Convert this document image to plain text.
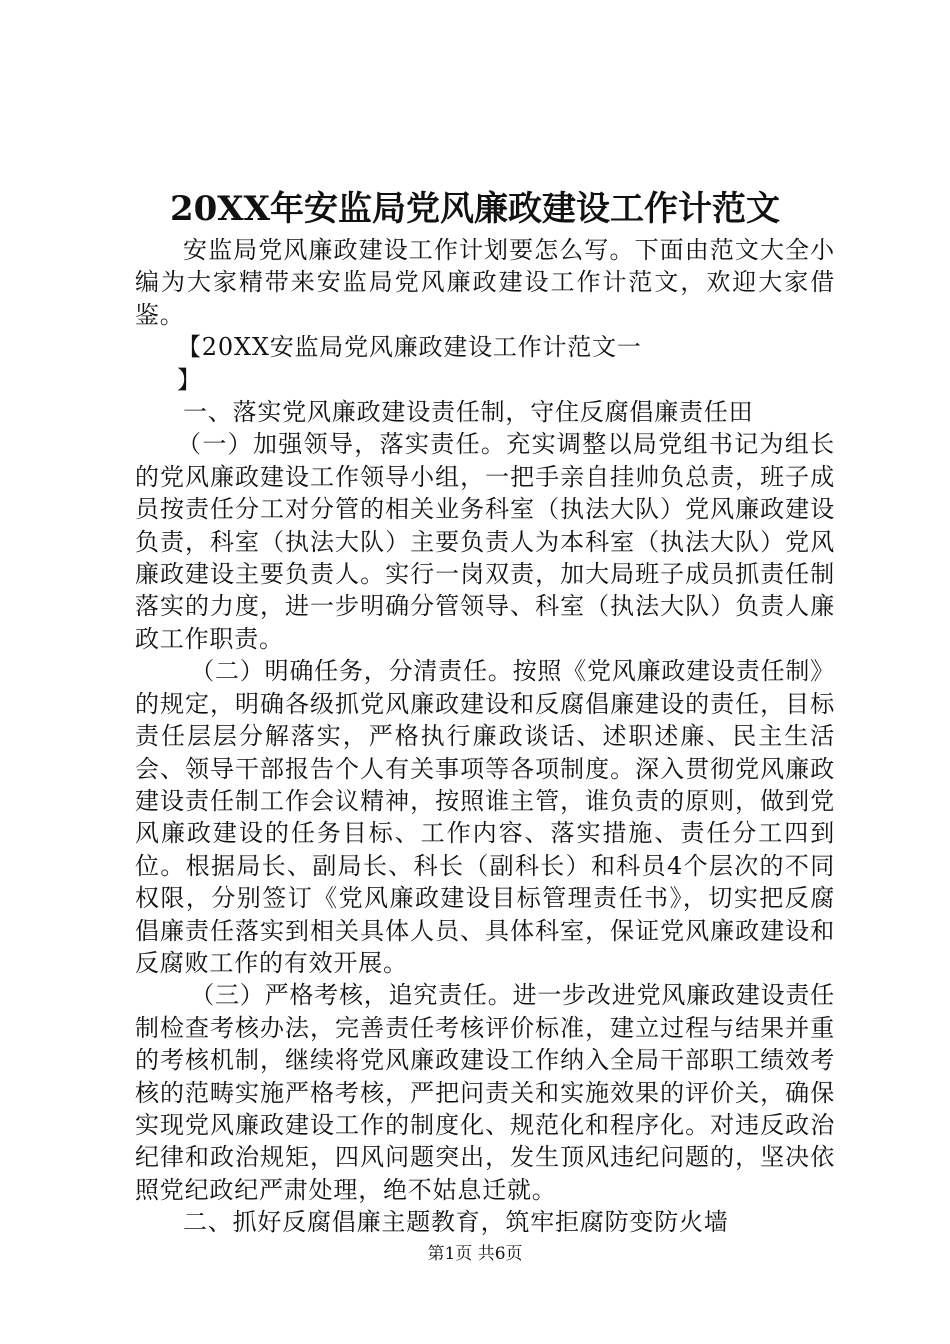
20XX年安监局党风廉政建设工作计范文

安监局党风廉政建设工作计划要怎么写。下面由范文大全小编为大家精带来安监局党风廉政建设工作计范文，欢迎大家借鉴。

【20XX安监局党风廉政建设工作计范文一

】

一、落实党风廉政建设责任制，守住反腐倡廉责任田

（一）加强领导，落实责任。充实调整以局党组书记为组长的党风廉政建设工作领导小组，一把手亲自挂帅负总责，班子成员按责任分工对分管的相关业务科室（执法大队）党风廉政建设负责，科室（执法大队）主要负责人为本科室（执法大队）党风廉政建设主要负责人。实行一岗双责，加大局班子成员抓责任制落实的力度，进一步明确分管领导、科室（执法大队）负责人廉政工作职责。

（二）明确任务，分清责任。按照《党风廉政建设责任制》的规定，明确各级抓党风廉政建设和反腐倡廉建设的责任，目标责任层层分解落实，严格执行廉政谈话、述职述廉、民主生活会、领导干部报告个人有关事项等各项制度。深入贯彻党风廉政建设责任制工作会议精神，按照谁主管，谁负责的原则，做到党风廉政建设的任务目标、工作内容、落实措施、责任分工四到位。根据局长、副局长、科长（副科长）和科员4个层次的不同权限，分别签订《党风廉政建设目标管理责任书》，切实把反腐倡廉责任落实到相关具体人员、具体科室，保证党风廉政建设和反腐败工作的有效开展。

（三）严格考核，追究责任。进一步改进党风廉政建设责任制检查考核办法，完善责任考核评价标准，建立过程与结果并重的考核机制，继续将党风廉政建设工作纳入全局干部职工绩效考核的范畴实施严格考核，严把问责关和实施效果的评价关，确保实现党风廉政建设工作的制度化、规范化和程序化。对违反政治纪律和政治规矩，四风问题突出，发生顶风违纪问题的，坚决依照党纪政纪严肃处理，绝不姑息迁就。

二、抓好反腐倡廉主题教育，筑牢拒腐防变防火墙

第1页 共6页
